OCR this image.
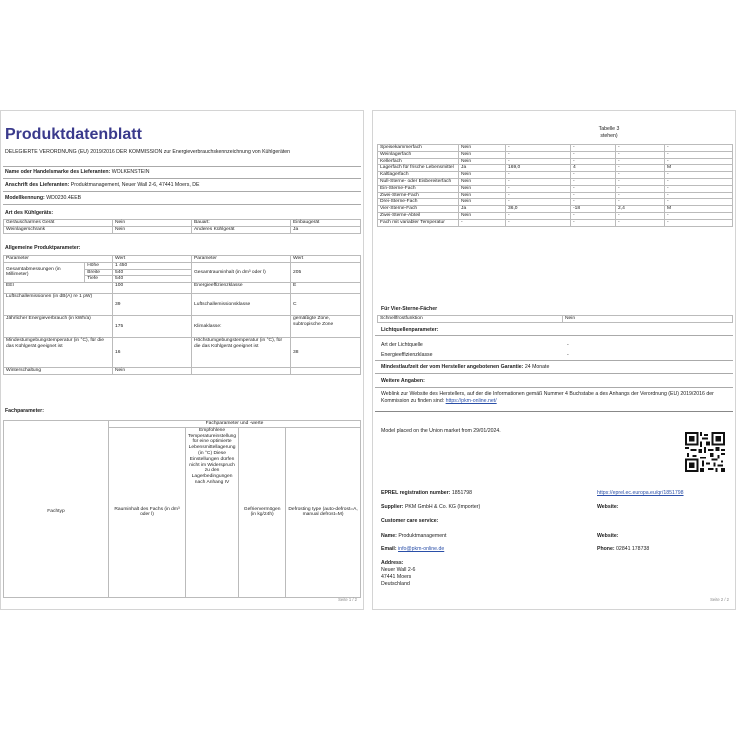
Produktdatenblatt
DELEGIERTE VERORDNUNG (EU) 2019/2016 DER KOMMISSION zur Energieverbrauchskennzeichnung von Kühlgeräten
Name oder Handelsmarke des Lieferanten: WOLKENSTEIN
Anschrift des Lieferanten: Produktmanagement, Neuer Wall 2-6, 47441 Moers, DE
Modellkennung: WD0230.4EEB
Art des Kühlgeräts:
Geräuscharmes Gerät	Nein	Bauart:	Einbaugerät
Weinlagerschrank	Nein	Anderes Kühlgerät	Ja
Allgemeine Produktparameter:
Parameter		Wert	Parameter	Wert
Gesamtabmessungen (in Millimeter)	Höhe	1 450	Gesamtrauminhalt (in dm³ oder l)	205
	Breite	540		
	Tiefe	540		
EEI		100	Energieeffizienzklasse	E
Luftschallemissionen (in dB(A) re 1 pW)		39	Luftschallemissionsklasse	C
Jährlicher Energieverbrauch (in kWh/a)		175	Klimaklasse:	gemäßigte Zone, subtropische Zone
Mindestumgebungstemperatur (in °C), für die das Kühlgerät geeignet ist		16	Höchstumgebungstemperatur (in °C), für die das Kühlgerät geeignet ist	38
Winterschaltung		Nein		
Fachparameter:
	Fachparameter und -werte			
Fachtyp	Rauminhalt des Fachs (in dm³ oder l)	Empfohlene Temperatureinstellung für eine optimierte Lebensmittellagerung (in °C) Diese Einstellungen dürfen nicht im Widerspruch zu den Lagerbedingungen nach Anhang IV	Gefriervermögen (in kg/24h)	Defrosting type (auto-defrost=A, manual defrost=M)
Seite 1 / 2
Tabelle 3 stehen)
Speisekammerfach	Nein	-	-	-	-
Weinlagerfach	Nein	-	-	-	-
Kellerfach	Nein	-	-	-	-
Lagerfach für frische Lebensmittel	Ja	169,0	4	-	M
Kaltlagerfach	Nein	-	-	-	-
Null-Sterne- oder Eisbereiterfach	Nein	-	-	-	-
Ein-Sterne-Fach	Nein	-	-	-	-
Zwei-Sterne-Fach	Nein	-	-	-	-
Drei-Sterne-Fach	Nein	-	-	-	-
Vier-Sterne-Fach	Ja	36,0	-18	2,4	M
Zwei-Sterne-Abteil	Nein	-	-	-	-
Fach mit variabler Temperatur	-	-	-	-	-
Für Vier-Sterne-Fächer
Schnellfrostfunktion	Nein
Lichtquellenparameter:
Art der Lichtquelle	-
Energieeffizienzklasse	-
Mindestlaufzeit der vom Hersteller angebotenen Garantie: 24 Monate
Weitere Angaben:
Weblink zur Website des Herstellers, auf der die Informationen gemäß Nummer 4 Buchstabe a des Anhangs der Verordnung (EU) 2019/2016 der Kommission zu finden sind: https://pkm-online.net/
Model placed on the Union market from 29/01/2024.
EPREL registration number: 1851798	https://eprel.ec.europa.eu/qr/1851798
Supplier: PKM GmbH & Co. KG (Importer)	Website:
Customer care service:
Name: Produktmanagement	Website:
Email: info@pkm-online.de	Phone: 02841 178738
Address:
Neuer Wall 2-6
47441 Moers
Deutschland
Seite 2 / 2
